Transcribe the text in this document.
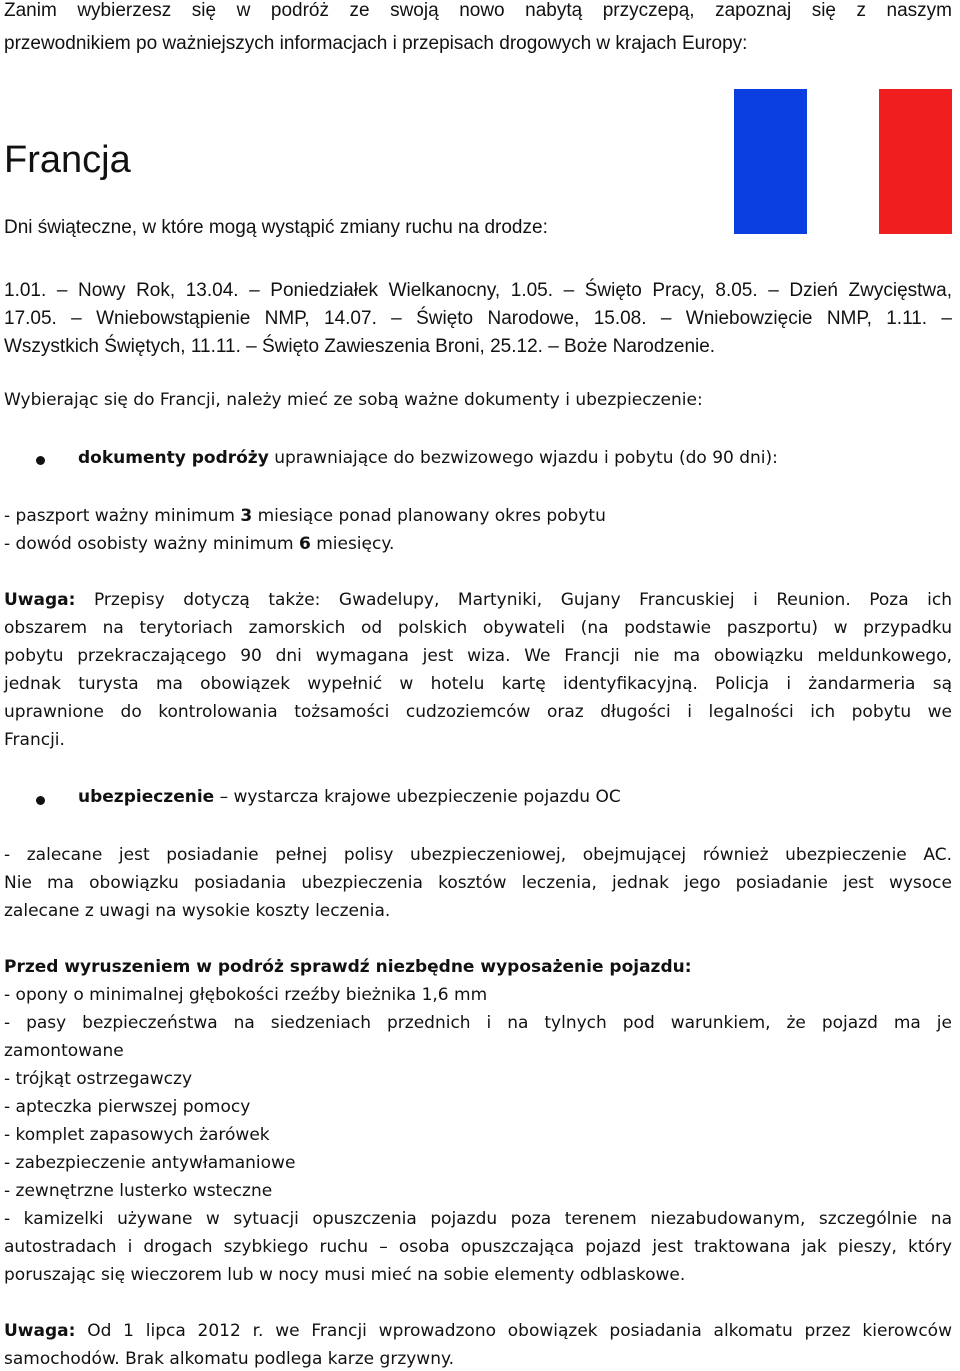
Zanim wybierzesz się w podróż ze swoją nowo nabytą przyczepą, zapoznaj się z naszym
przewodnikiem po ważniejszych informacjach i przepisach drogowych w krajach Europy:
Francja
Dni świąteczne, w które mogą wystąpić zmiany ruchu na drodze:
1.01. – Nowy Rok, 13.04. – Poniedziałek Wielkanocny, 1.05. – Święto Pracy, 8.05. – Dzień Zwycięstwa,
17.05. – Wniebowstąpienie NMP, 14.07. – Święto Narodowe, 15.08. – Wniebowzięcie NMP, 1.11. –
Wszystkich Świętych, 11.11. – Święto Zawieszenia Broni, 25.12. – Boże Narodzenie.
Wybierając się do Francji, należy mieć ze sobą ważne dokumenty i ubezpieczenie:
dokumenty podróży uprawniające do bezwizowego wjazdu i pobytu (do 90 dni):
- paszport ważny minimum 3 miesiące ponad planowany okres pobytu
- dowód osobisty ważny minimum 6 miesięcy.
Uwaga: Przepisy dotyczą także: Gwadelupy, Martyniki, Gujany Francuskiej i Reunion. Poza ich
obszarem na terytoriach zamorskich od polskich obywateli (na podstawie paszportu) w przypadku
pobytu przekraczającego 90 dni wymagana jest wiza. We Francji nie ma obowiązku meldunkowego,
jednak turysta ma obowiązek wypełnić w hotelu kartę identyfikacyjną. Policja i żandarmeria są
uprawnione do kontrolowania tożsamości cudzoziemców oraz długości i legalności ich pobytu we
Francji.
ubezpieczenie – wystarcza krajowe ubezpieczenie pojazdu OC
- zalecane jest posiadanie pełnej polisy ubezpieczeniowej, obejmującej również ubezpieczenie AC.
Nie ma obowiązku posiadania ubezpieczenia kosztów leczenia, jednak jego posiadanie jest wysoce
zalecane z uwagi na wysokie koszty leczenia.
Przed wyruszeniem w podróż sprawdź niezbędne wyposażenie pojazdu:
- opony o minimalnej głębokości rzeźby bieżnika 1,6 mm
- pasy bezpieczeństwa na siedzeniach przednich i na tylnych pod warunkiem, że pojazd ma je
zamontowane
- trójkąt ostrzegawczy
- apteczka pierwszej pomocy
- komplet zapasowych żarówek
- zabezpieczenie antywłamaniowe
- zewnętrzne lusterko wsteczne
- kamizelki używane w sytuacji opuszczenia pojazdu poza terenem niezabudowanym, szczególnie na
autostradach i drogach szybkiego ruchu – osoba opuszczająca pojazd jest traktowana jak pieszy, który
poruszając się wieczorem lub w nocy musi mieć na sobie elementy odblaskowe.
Uwaga: Od 1 lipca 2012 r. we Francji wprowadzono obowiązek posiadania alkomatu przez kierowców
samochodów. Brak alkomatu podlega karze grzywny.
